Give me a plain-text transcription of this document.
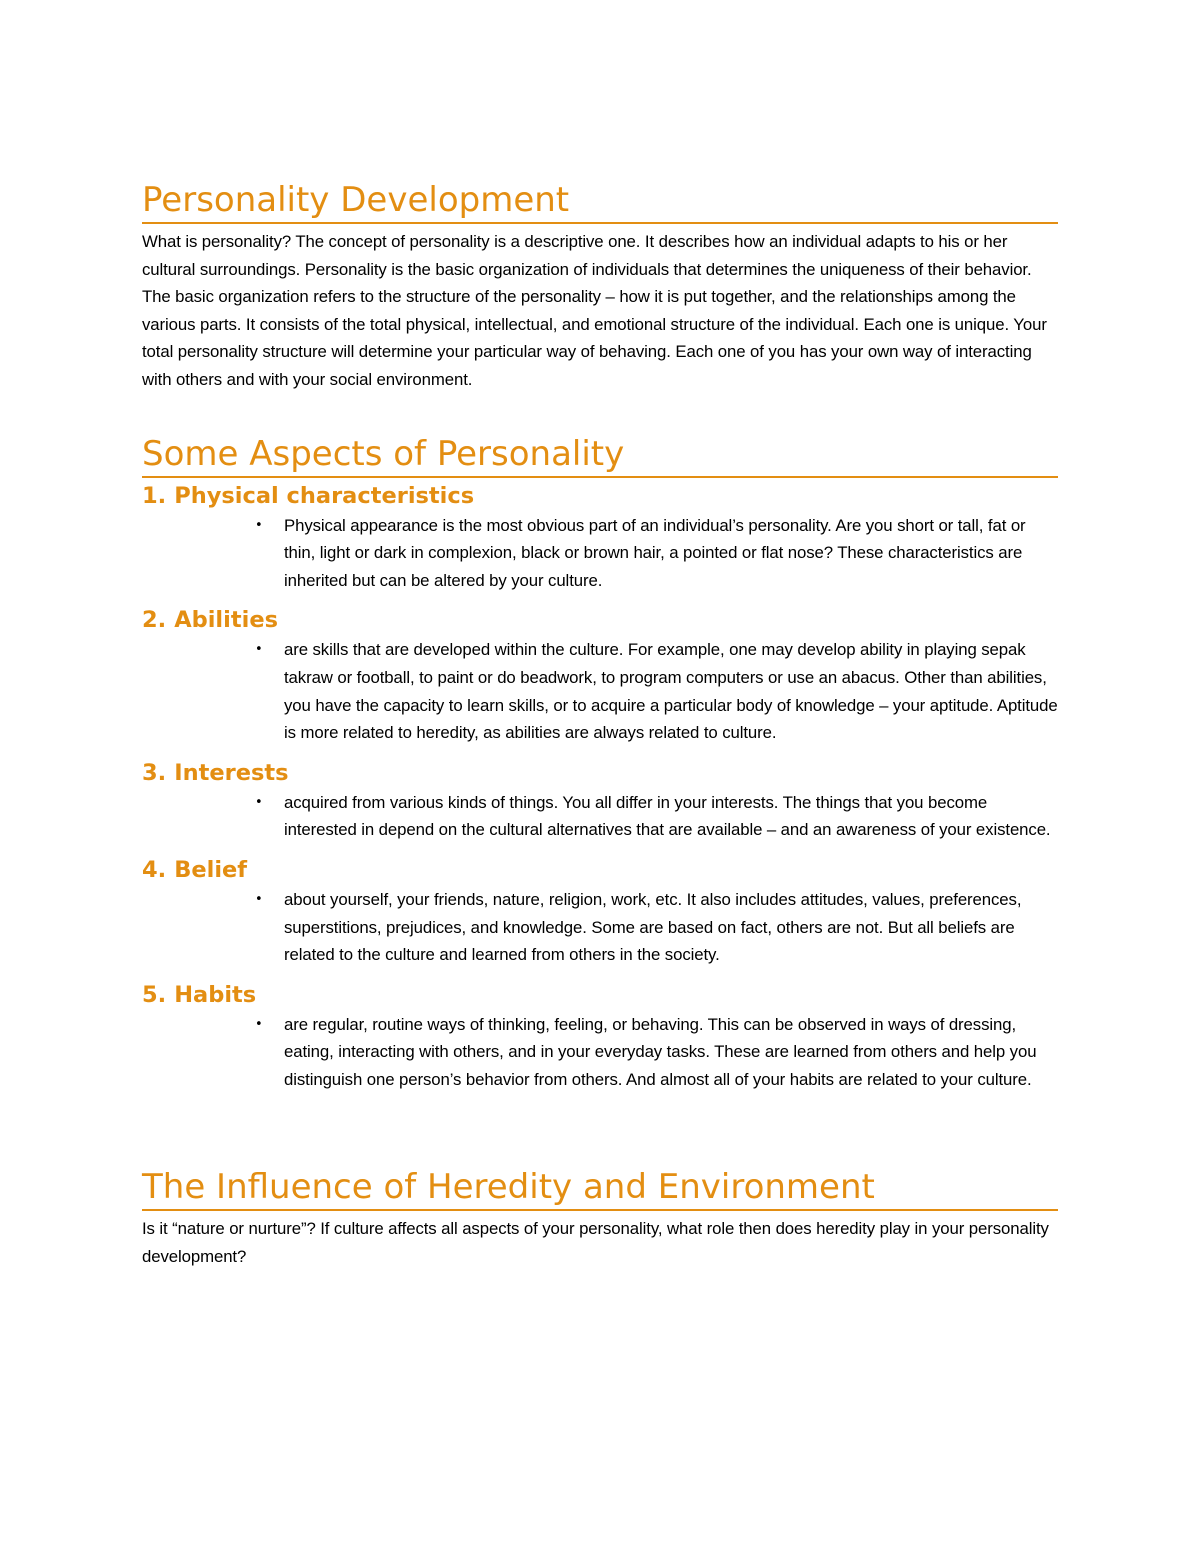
Personality Development

What is personality? The concept of personality is a descriptive one. It describes how an individual adapts to his or her cultural surroundings. Personality is the basic organization of individuals that determines the uniqueness of their behavior. The basic organization refers to the structure of the personality – how it is put together, and the relationships among the various parts. It consists of the total physical, intellectual, and emotional structure of the individual. Each one is unique. Your total personality structure will determine your particular way of behaving. Each one of you has your own way of interacting with others and with your social environment.

Some Aspects of Personality
1. Physical characteristics
• Physical appearance is the most obvious part of an individual’s personality. Are you short or tall, fat or thin, light or dark in complexion, black or brown hair, a pointed or flat nose? These characteristics are inherited but can be altered by your culture.

2. Abilities
• are skills that are developed within the culture. For example, one may develop ability in playing sepak takraw or football, to paint or do beadwork, to program computers or use an abacus. Other than abilities, you have the capacity to learn skills, or to acquire a particular body of knowledge – your aptitude. Aptitude is more related to heredity, as abilities are always related to culture.

3. Interests
• acquired from various kinds of things. You all differ in your interests. The things that you become interested in depend on the cultural alternatives that are available – and an awareness of your existence.

4. Belief
• about yourself, your friends, nature, religion, work, etc. It also includes attitudes, values, preferences, superstitions, prejudices, and knowledge. Some are based on fact, others are not. But all beliefs are related to the culture and learned from others in the society.

5. Habits
• are regular, routine ways of thinking, feeling, or behaving. This can be observed in ways of dressing, eating, interacting with others, and in your everyday tasks. These are learned from others and help you distinguish one person’s behavior from others. And almost all of your habits are related to your culture.

The Influence of Heredity and Environment

Is it “nature or nurture”? If culture affects all aspects of your personality, what role then does heredity play in your personality development?
